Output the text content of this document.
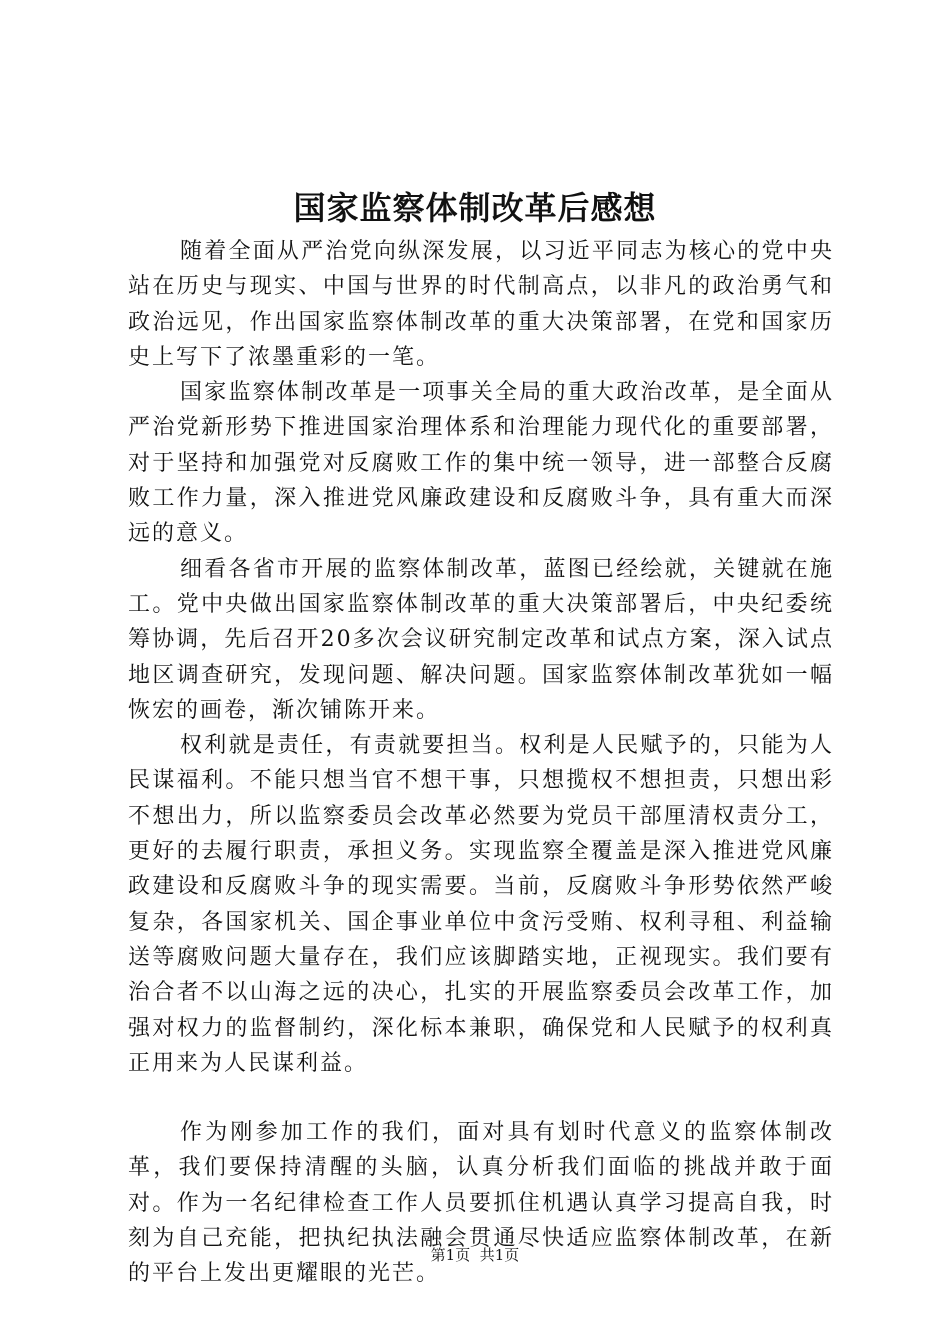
国家监察体制改革后感想

随着全面从严治党向纵深发展，以习近平同志为核心的党中央站在历史与现实、中国与世界的时代制高点，以非凡的政治勇气和政治远见，作出国家监察体制改革的重大决策部署，在党和国家历史上写下了浓墨重彩的一笔。

国家监察体制改革是一项事关全局的重大政治改革，是全面从严治党新形势下推进国家治理体系和治理能力现代化的重要部署，对于坚持和加强党对反腐败工作的集中统一领导，进一部整合反腐败工作力量，深入推进党风廉政建设和反腐败斗争，具有重大而深远的意义。

细看各省市开展的监察体制改革，蓝图已经绘就，关键就在施工。党中央做出国家监察体制改革的重大决策部署后，中央纪委统筹协调，先后召开20多次会议研究制定改革和试点方案，深入试点地区调查研究，发现问题、解决问题。国家监察体制改革犹如一幅恢宏的画卷，渐次铺陈开来。

权利就是责任，有责就要担当。权利是人民赋予的，只能为人民谋福利。不能只想当官不想干事，只想揽权不想担责，只想出彩不想出力，所以监察委员会改革必然要为党员干部厘清权责分工，更好的去履行职责，承担义务。实现监察全覆盖是深入推进党风廉政建设和反腐败斗争的现实需要。当前，反腐败斗争形势依然严峻复杂，各国家机关、国企事业单位中贪污受贿、权利寻租、利益输送等腐败问题大量存在，我们应该脚踏实地，正视现实。我们要有治合者不以山海之远的决心，扎实的开展监察委员会改革工作，加强对权力的监督制约，深化标本兼职，确保党和人民赋予的权利真正用来为人民谋利益。

作为刚参加工作的我们，面对具有划时代意义的监察体制改革，我们要保持清醒的头脑，认真分析我们面临的挑战并敢于面对。作为一名纪律检查工作人员要抓住机遇认真学习提高自我，时刻为自己充能，把执纪执法融会贯通尽快适应监察体制改革，在新的平台上发出更耀眼的光芒。

第1页 共1页
